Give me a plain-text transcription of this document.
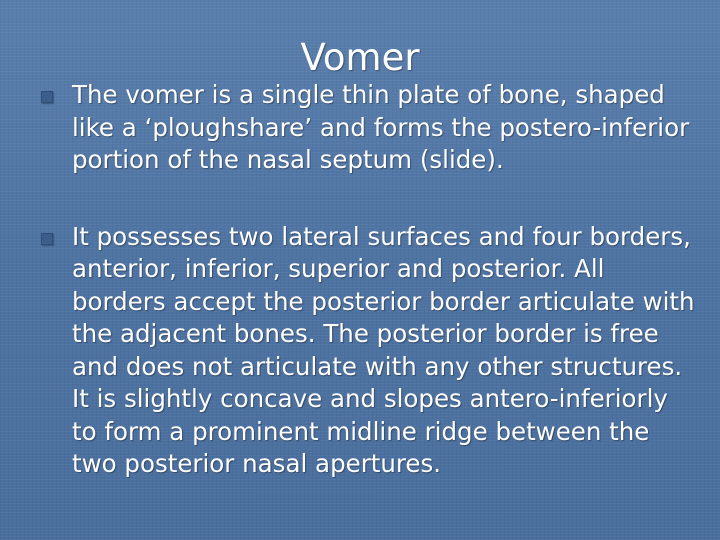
Vomer
The vomer is a single thin plate of bone, shaped like a ‘ploughshare’ and forms the postero-inferior portion of the nasal septum (slide).
It possesses two lateral surfaces and four borders, anterior, inferior, superior and posterior. All borders accept the posterior border articulate with the adjacent bones. The posterior border is free and does not articulate with any other structures. It is slightly concave and slopes antero-inferiorly to form a prominent midline ridge between the two posterior nasal apertures.
